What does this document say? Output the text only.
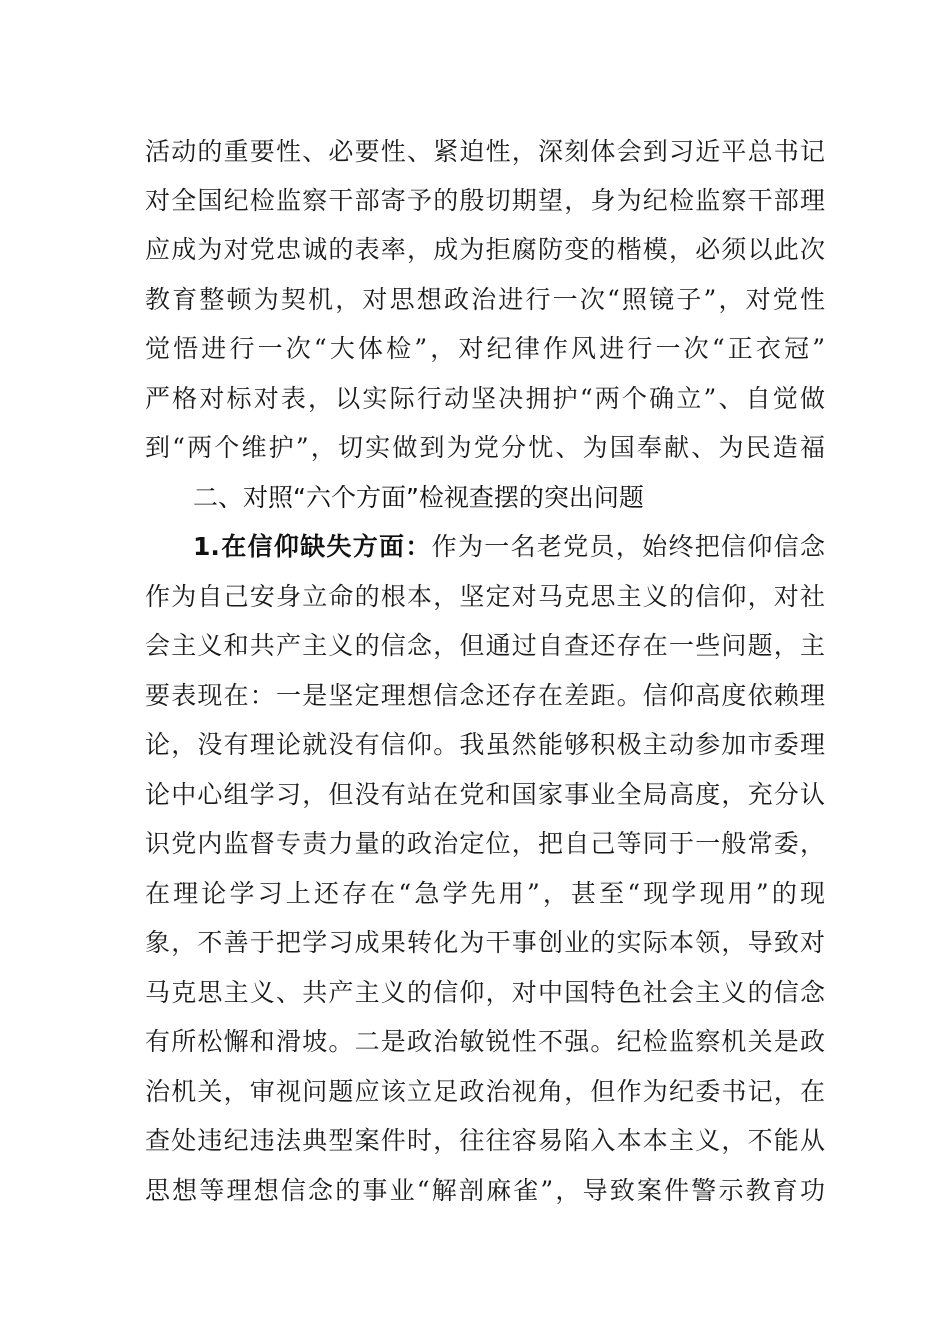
活动的重要性、必要性、紧迫性，深刻体会到习近平总书记
对全国纪检监察干部寄予的殷切期望，身为纪检监察干部理
应成为对党忠诚的表率，成为拒腐防变的楷模，必须以此次
教育整顿为契机，对思想政治进行一次“照镜子”，对党性
觉悟进行一次“大体检”，对纪律作风进行一次“正衣冠”
严格对标对表，以实际行动坚决拥护“两个确立”、自觉做
到“两个维护”，切实做到为党分忧、为国奉献、为民造福
二、对照“六个方面”检视查摆的突出问题
1.在信仰缺失方面：作为一名老党员，始终把信仰信念
作为自己安身立命的根本，坚定对马克思主义的信仰，对社
会主义和共产主义的信念，但通过自查还存在一些问题，主
要表现在：一是坚定理想信念还存在差距。信仰高度依赖理
论，没有理论就没有信仰。我虽然能够积极主动参加市委理
论中心组学习，但没有站在党和国家事业全局高度，充分认
识党内监督专责力量的政治定位，把自己等同于一般常委，
在理论学习上还存在“急学先用”，甚至“现学现用”的现
象，不善于把学习成果转化为干事创业的实际本领，导致对
马克思主义、共产主义的信仰，对中国特色社会主义的信念
有所松懈和滑坡。二是政治敏锐性不强。纪检监察机关是政
治机关，审视问题应该立足政治视角，但作为纪委书记，在
查处违纪违法典型案件时，往往容易陷入本本主义，不能从
思想等理想信念的事业“解剖麻雀”，导致案件警示教育功
